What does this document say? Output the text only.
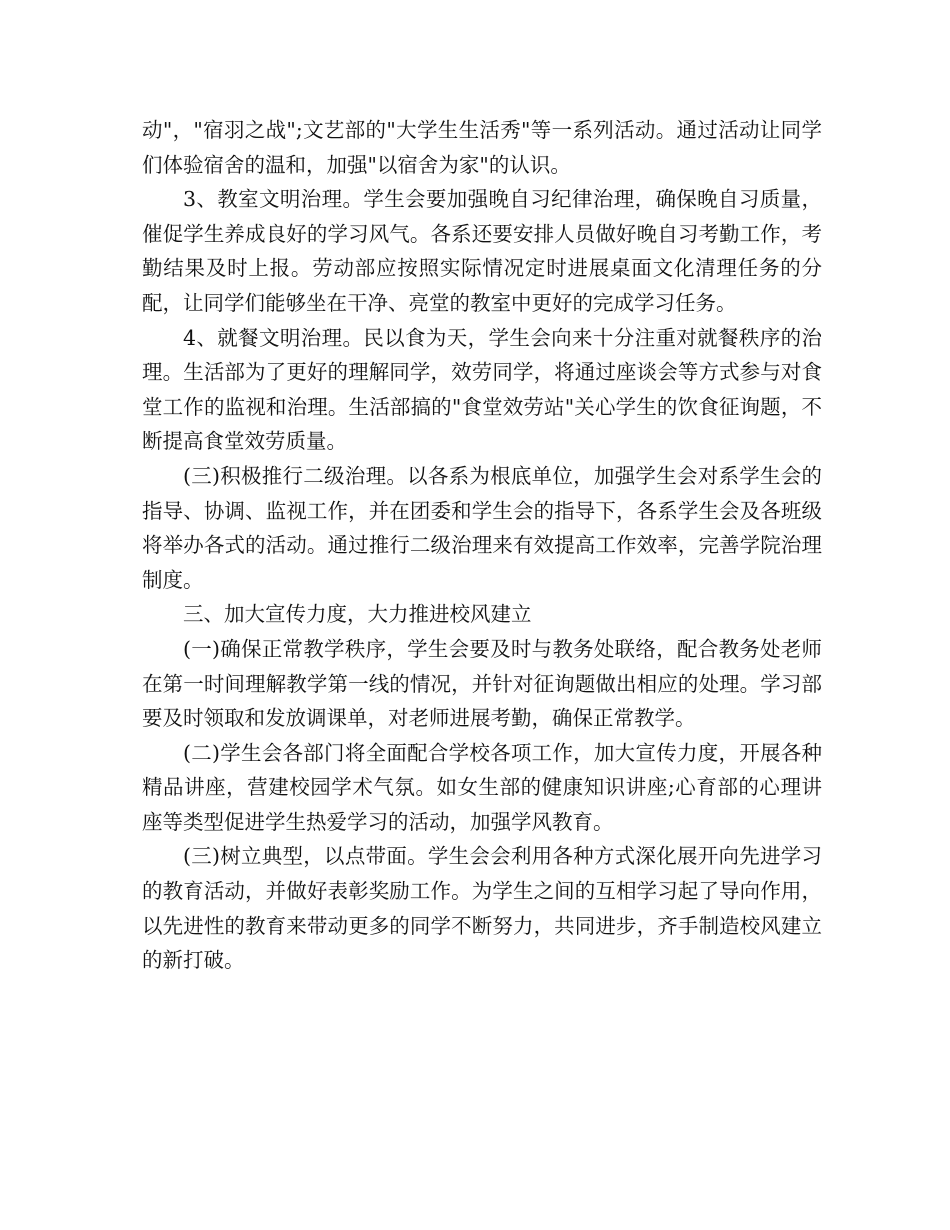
动"，"宿羽之战";文艺部的"大学生生活秀"等一系列活动。通过活动让同学们体验宿舍的温和，加强"以宿舍为家"的认识。

3、教室文明治理。学生会要加强晚自习纪律治理，确保晚自习质量，催促学生养成良好的学习风气。各系还要安排人员做好晚自习考勤工作，考勤结果及时上报。劳动部应按照实际情况定时进展桌面文化清理任务的分配，让同学们能够坐在干净、亮堂的教室中更好的完成学习任务。

4、就餐文明治理。民以食为天，学生会向来十分注重对就餐秩序的治理。生活部为了更好的理解同学，效劳同学，将通过座谈会等方式参与对食堂工作的监视和治理。生活部搞的"食堂效劳站"关心学生的饮食征询题，不断提高食堂效劳质量。

(三)积极推行二级治理。以各系为根底单位，加强学生会对系学生会的指导、协调、监视工作，并在团委和学生会的指导下，各系学生会及各班级将举办各式的活动。通过推行二级治理来有效提高工作效率，完善学院治理制度。

三、加大宣传力度，大力推进校风建立

(一)确保正常教学秩序，学生会要及时与教务处联络，配合教务处老师在第一时间理解教学第一线的情况，并针对征询题做出相应的处理。学习部要及时领取和发放调课单，对老师进展考勤，确保正常教学。

(二)学生会各部门将全面配合学校各项工作，加大宣传力度，开展各种精品讲座，营建校园学术气氛。如女生部的健康知识讲座;心育部的心理讲座等类型促进学生热爱学习的活动，加强学风教育。

(三)树立典型，以点带面。学生会会利用各种方式深化展开向先进学习的教育活动，并做好表彰奖励工作。为学生之间的互相学习起了导向作用，以先进性的教育来带动更多的同学不断努力，共同进步，齐手制造校风建立的新打破。
